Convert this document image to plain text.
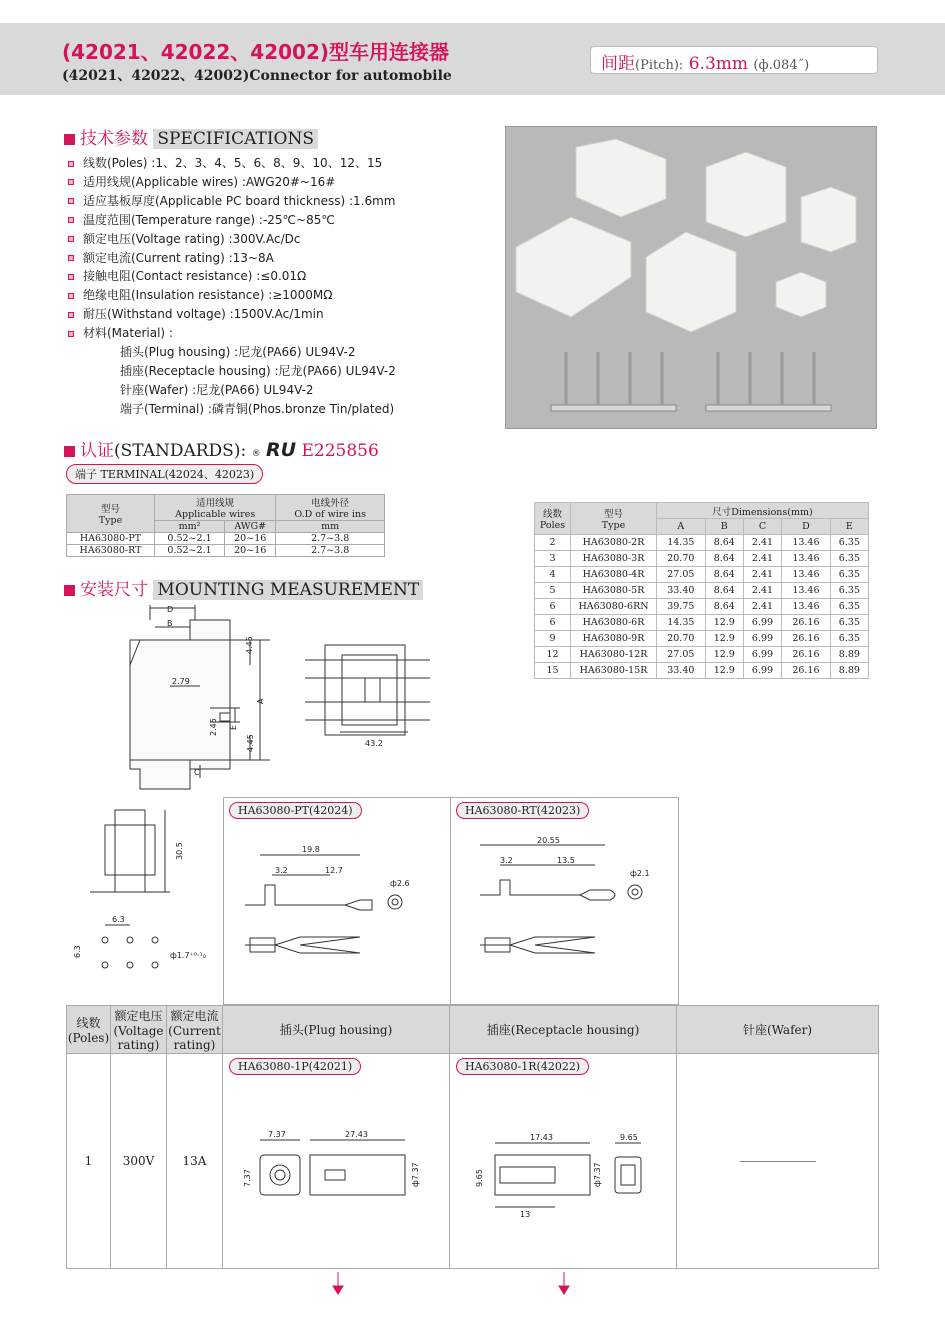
(42021、42022、42002)型车用连接器
(42021、42022、42002)Connector for automobile
间距(Pitch): 6.3mm (ф.084˝)
技术参数 SPECIFICATIONS
线数(Poles) :1、2、3、4、5、6、8、9、10、12、15
适用线规(Applicable wires) :AWG20#~16#
适应基板厚度(Applicable PC board thickness) :1.6mm
温度范围(Temperature range) :-25℃~85℃
额定电压(Voltage rating) :300V.Ac/Dc
额定电流(Current rating) :13~8A
接触电阻(Contact resistance) :≤0.01Ω
绝缘电阻(Insulation resistance) :≥1000MΩ
耐压(Withstand voltage) :1500V.Ac/1min
材料(Material) :
插头(Plug housing) :尼龙(PA66) UL94V-2
插座(Receptacle housing) :尼龙(PA66) UL94V-2
针座(Wafer) :尼龙(PA66) UL94V-2
端子(Terminal) :磷青铜(Phos.bronze Tin/plated)
认证(STANDARDS): ® RU E225856
端子 TERMINAL(42024、42023)
型号
Type	适用线规
Applicable wires		电线外径
O.D of wire ins
	mm²	AWG#	mm
HA63080-PT	0.52~2.1	20~16	2.7~3.8
HA63080-RT	0.52~2.1	20~16	2.7~3.8
安装尺寸 MOUNTING MEASUREMENT
线数
Poles	型号
Type	尺寸Dimensions(mm)				
		A	B	C	D	E
2	HA63080-2R	14.35	8.64	2.41	13.46	6.35
3	HA63080-3R	20.70	8.64	2.41	13.46	6.35
4	HA63080-4R	27.05	8.64	2.41	13.46	6.35
5	HA63080-5R	33.40	8.64	2.41	13.46	6.35
6	HA63080-6RN	39.75	8.64	2.41	13.46	6.35
6	HA63080-6R	14.35	12.9	6.99	26.16	6.35
9	HA63080-9R	20.70	12.9	6.99	26.16	6.35
12	HA63080-12R	27.05	12.9	6.99	26.16	8.89
15	HA63080-15R	33.40	12.9	6.99	26.16	8.89
D
B
4.45
A
2.79
2.45 E
4.45
C
43.2
30.5
6.3
6.3	ф1.7⁺⁰·¹₀
HA63080-PT(42024)	HA63080-RT(42023)
19.8
3.2	12.7
ф2.6
20.55
3.2	13.5
ф2.1
线数
(Poles)	额定电压
(Voltage
rating)	额定电流
(Current
rating)	插头(Plug housing)	插座(Receptacle housing)	针座(Wafer)
1	300V	13A			
HA63080-1P(42021)	HA63080-1R(42022)
7.37	27.43
ф7.37
7.37
17.43
9.65
9.65
ф7.37
13
